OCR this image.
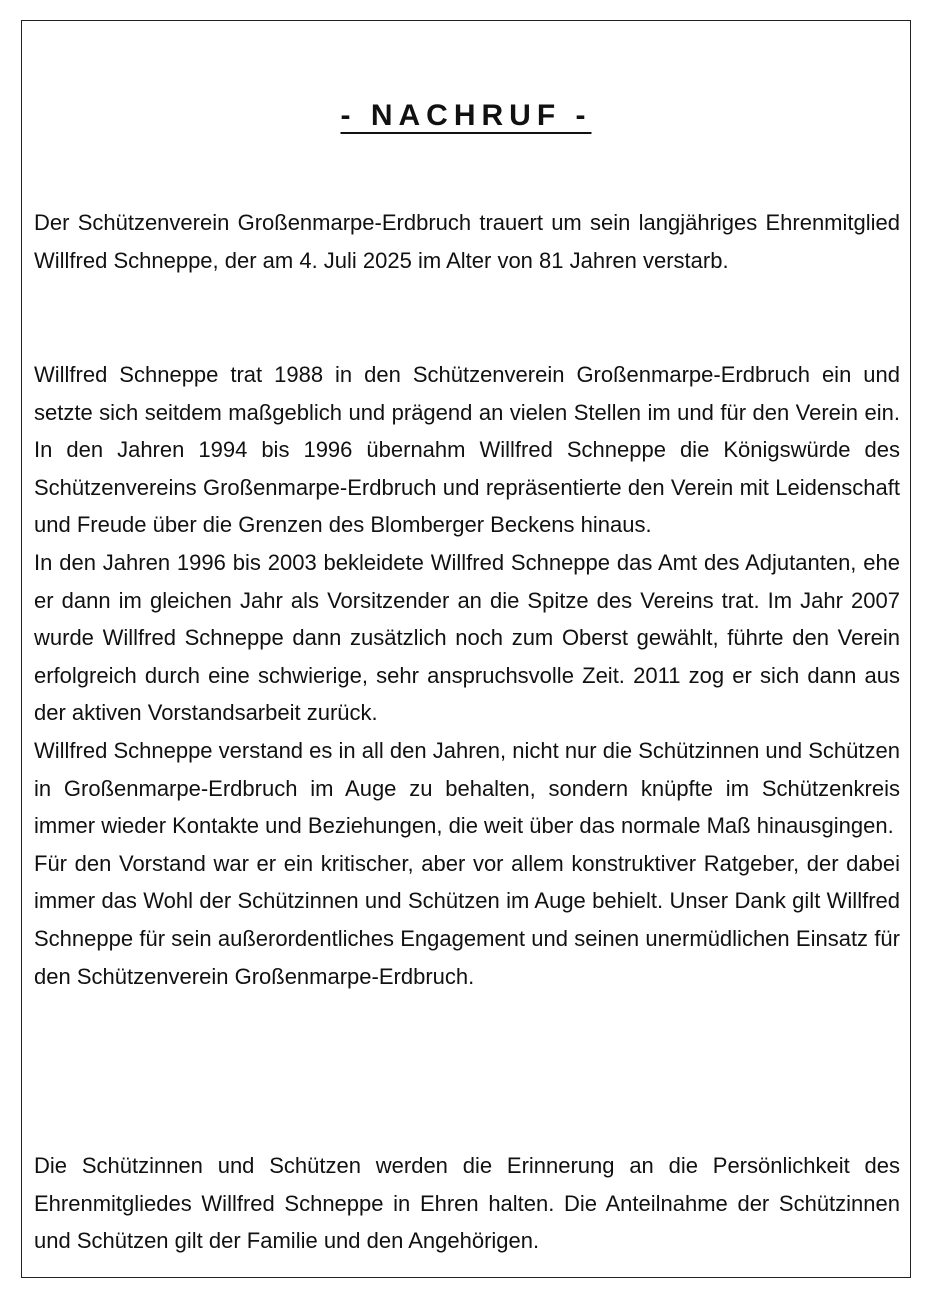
- NACHRUF -

Der Schützenverein Großenmarpe-Erdbruch trauert um sein langjähriges Ehrenmitglied Willfred Schneppe, der am 4. Juli 2025 im Alter von 81 Jahren verstarb.

Willfred Schneppe trat 1988 in den Schützenverein Großenmarpe-Erdbruch ein und setzte sich seitdem maßgeblich und prägend an vielen Stellen im und für den Verein ein. In den Jahren 1994 bis 1996 übernahm Willfred Schneppe die Königswürde des Schützenvereins Großenmarpe-Erdbruch und repräsentierte den Verein mit Leidenschaft und Freude über die Grenzen des Blomberger Beckens hinaus.

In den Jahren 1996 bis 2003 bekleidete Willfred Schneppe das Amt des Adjutanten, ehe er dann im gleichen Jahr als Vorsitzender an die Spitze des Vereins trat. Im Jahr 2007 wurde Willfred Schneppe dann zusätzlich noch zum Oberst gewählt, führte den Verein erfolgreich durch eine schwierige, sehr anspruchsvolle Zeit. 2011 zog er sich dann aus der aktiven Vorstandsarbeit zurück.

Willfred Schneppe verstand es in all den Jahren, nicht nur die Schützinnen und Schützen in Großenmarpe-Erdbruch im Auge zu behalten, sondern knüpfte im Schützenkreis immer wieder Kontakte und Beziehungen, die weit über das normale Maß hinausgingen.

Für den Vorstand war er ein kritischer, aber vor allem konstruktiver Ratgeber, der dabei immer das Wohl der Schützinnen und Schützen im Auge behielt. Unser Dank gilt Willfred Schneppe für sein außerordentliches Engagement und seinen unermüdlichen Einsatz für den Schützenverein Großenmarpe-Erdbruch.

Die Schützinnen und Schützen werden die Erinnerung an die Persönlichkeit des Ehrenmitgliedes Willfred Schneppe in Ehren halten. Die Anteilnahme der Schützinnen und Schützen gilt der Familie und den Angehörigen.
